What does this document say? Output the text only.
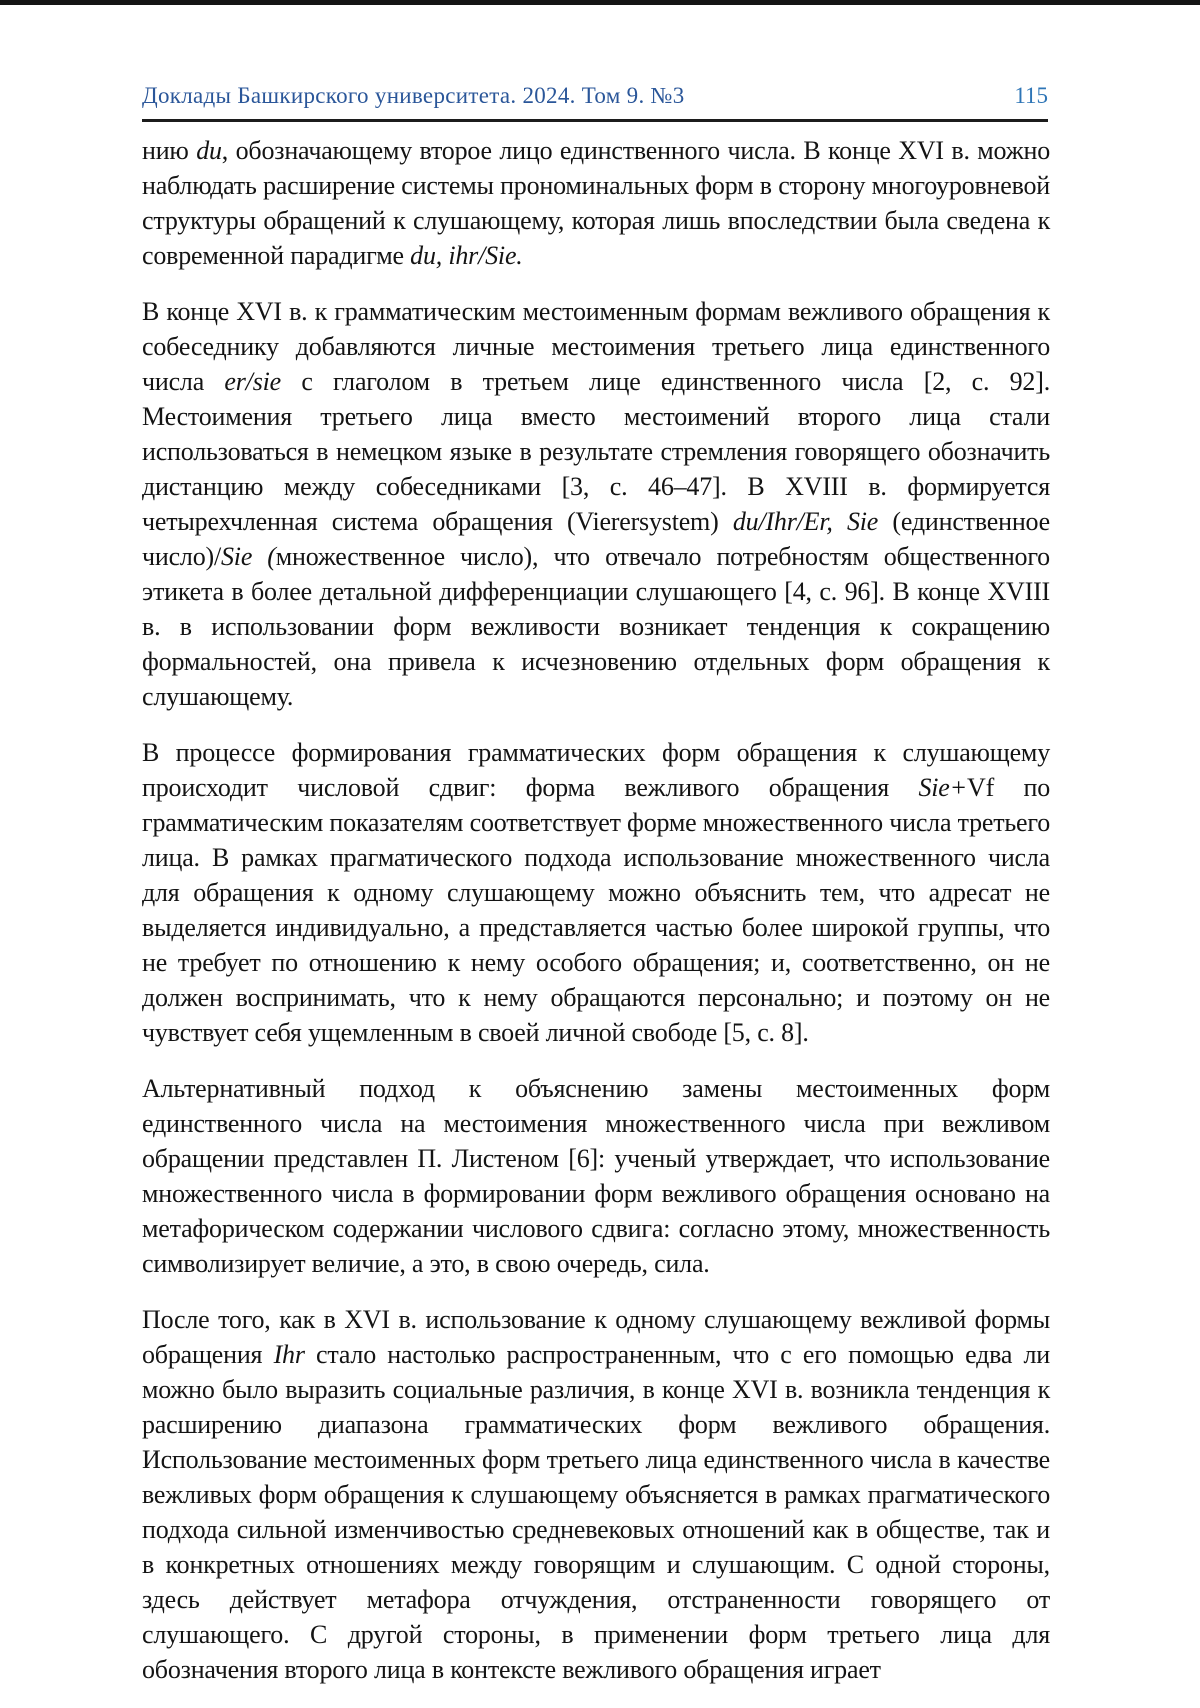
Доклады Башкирского университета. 2024. Том 9. №3	115

нию du, обозначающему второе лицо единственного числа. В конце XVI в. можно наблюдать расширение системы прономинальных форм в сторону многоуровневой структуры обращений к слушающему, которая лишь впоследствии была сведена к современной парадигме du, ihr/Sie.

В конце XVI в. к грамматическим местоименным формам вежливого обращения к собеседнику добавляются личные местоимения третьего лица единственного числа er/sie с глаголом в третьем лице единственного числа [2, с. 92]. Местоимения третьего лица вместо местоимений второго лица стали использоваться в немецком языке в результате стремления говорящего обозначить дистанцию между собеседниками [3, с. 46–47]. В XVIII в. формируется четырехчленная система обращения (Vierersystem) du/Ihr/Er, Sie (единственное число)/Sie (множественное число), что отвечало потребностям общественного этикета в более детальной дифференциации слушающего [4, с. 96]. В конце XVIII в. в использовании форм вежливости возникает тенденция к сокращению формальностей, она привела к исчезновению отдельных форм обращения к слушающему.

В процессе формирования грамматических форм обращения к слушающему происходит числовой сдвиг: форма вежливого обращения Sie+Vf по грамматическим показателям соответствует форме множественного числа третьего лица. В рамках прагматического подхода использование множественного числа для обращения к одному слушающему можно объяснить тем, что адресат не выделяется индивидуально, а представляется частью более широкой группы, что не требует по отношению к нему особого обращения; и, соответственно, он не должен воспринимать, что к нему обращаются персонально; и поэтому он не чувствует себя ущемленным в своей личной свободе [5, с. 8].

Альтернативный подход к объяснению замены местоименных форм единственного числа на местоимения множественного числа при вежливом обращении представлен П. Листеном [6]: ученый утверждает, что использование множественного числа в формировании форм вежливого обращения основано на метафорическом содержании числового сдвига: согласно этому, множественность символизирует величие, а это, в свою очередь, сила.

После того, как в XVI в. использование к одному слушающему вежливой формы обращения Ihr стало настолько распространенным, что с его помощью едва ли можно было выразить социальные различия, в конце XVI в. возникла тенденция к расширению диапазона грамматических форм вежливого обращения. Использование местоименных форм третьего лица единственного числа в качестве вежливых форм обращения к слушающему объясняется в рамках прагматического подхода сильной изменчивостью средневековых отношений как в обществе, так и в конкретных отношениях между говорящим и слушающим. С одной стороны, здесь действует метафора отчуждения, отстраненности говорящего от слушающего. С другой стороны, в применении форм третьего лица для обозначения второго лица в контексте вежливого обращения играет
